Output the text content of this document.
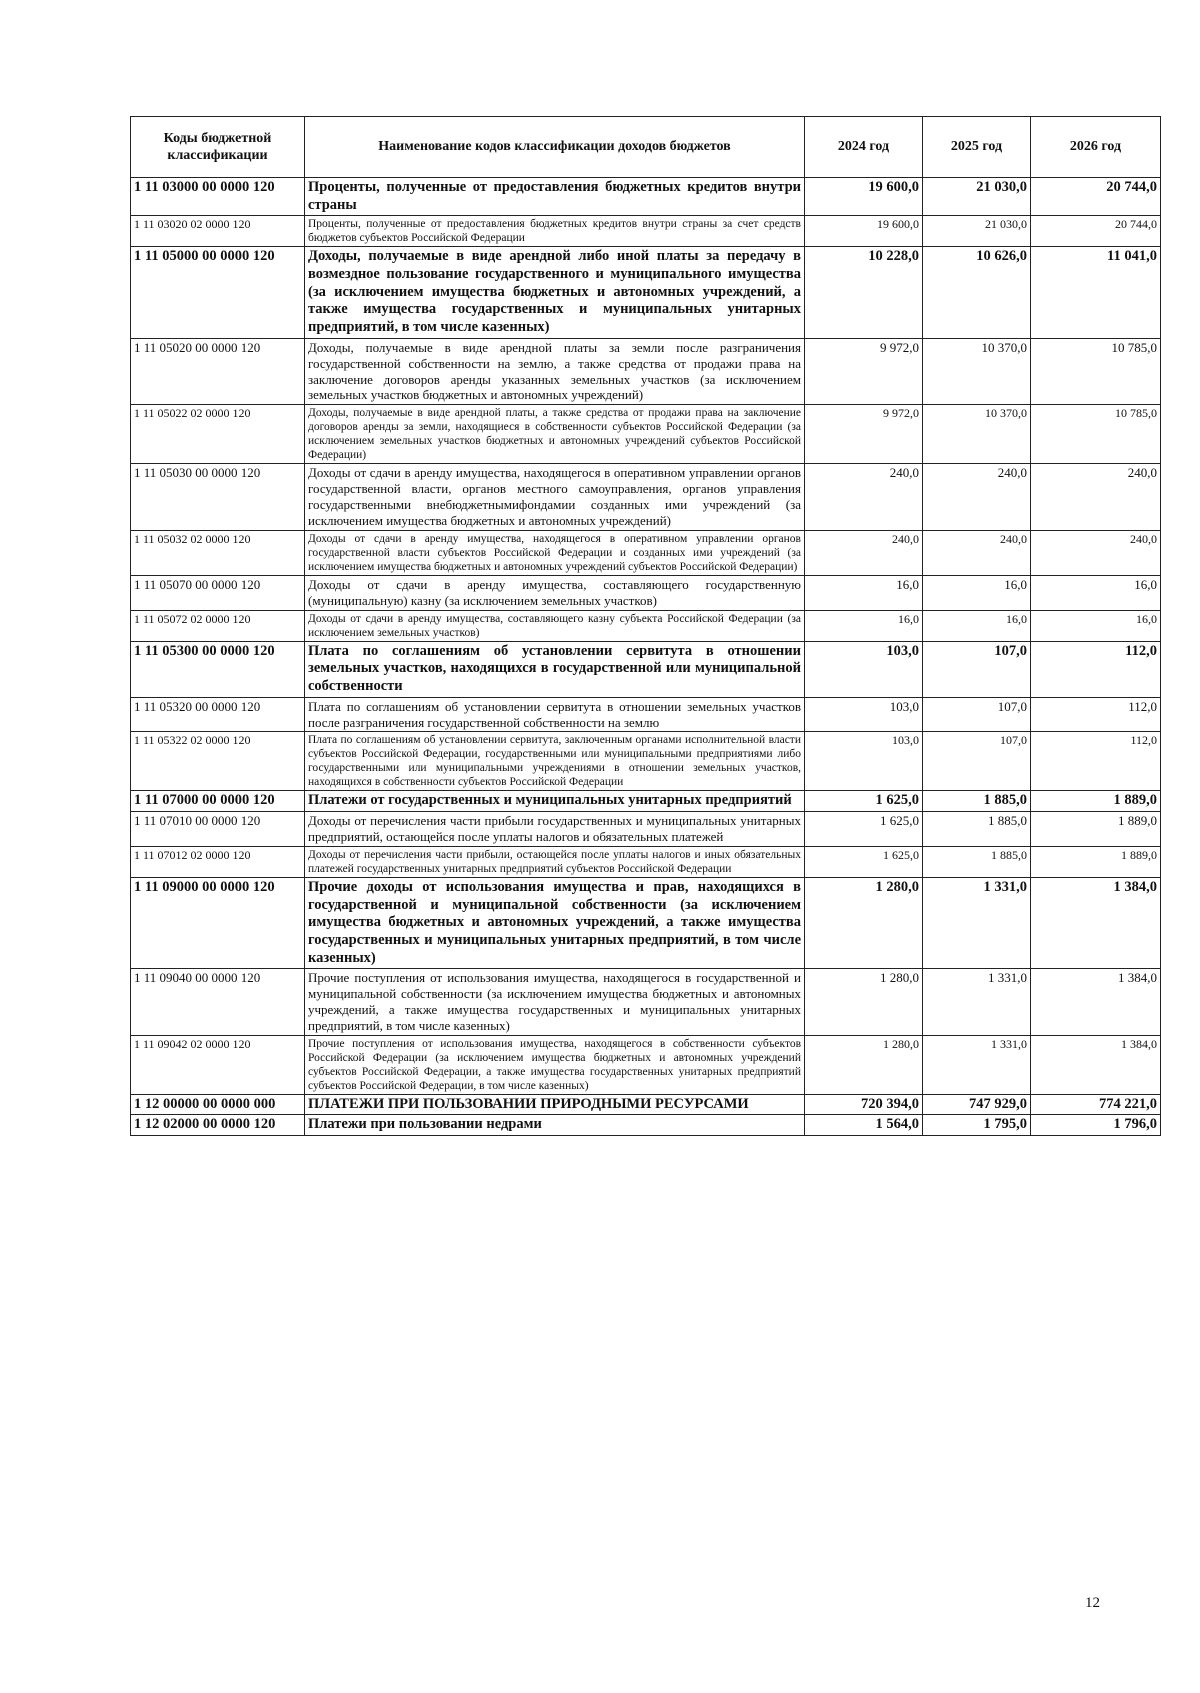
Коды бюджетной классификации	Наименование кодов классификации доходов бюджетов	2024 год	2025 год	2026 год
1 11 03000 00 0000 120	Проценты, полученные от предоставления бюджетных кредитов внутри страны	19 600,0	21 030,0	20 744,0
1 11 03020 02 0000 120	Проценты, полученные от предоставления бюджетных кредитов внутри страны за счет средств бюджетов субъектов Российской Федерации	19 600,0	21 030,0	20 744,0
1 11 05000 00 0000 120	Доходы, получаемые в виде арендной либо иной платы за передачу в возмездное пользование государственного и муниципального имущества (за исключением имущества бюджетных и автономных учреждений, а также имущества государственных и муниципальных унитарных предприятий, в том числе казенных)	10 228,0	10 626,0	11 041,0
1 11 05020 00 0000 120	Доходы, получаемые в виде арендной платы за земли после разграничения государственной собственности на землю, а также средства от продажи права на заключение договоров аренды указанных земельных участков (за исключением земельных участков бюджетных и автономных учреждений)	9 972,0	10 370,0	10 785,0
1 11 05022 02 0000 120	Доходы, получаемые в виде арендной платы, а также средства от продажи права на заключение договоров аренды за земли, находящиеся в собственности субъектов Российской Федерации (за исключением земельных участков бюджетных и автономных учреждений субъектов Российской Федерации)	9 972,0	10 370,0	10 785,0
1 11 05030 00 0000 120	Доходы от сдачи в аренду имущества, находящегося в оперативном управлении органов государственной власти, органов местного самоуправления, органов управления государственными внебюджетнымифондамии созданных ими учреждений (за исключением имущества бюджетных и автономных учреждений)	240,0	240,0	240,0
1 11 05032 02 0000 120	Доходы от сдачи в аренду имущества, находящегося в оперативном управлении органов государственной власти субъектов Российской Федерации и созданных ими учреждений (за исключением имущества бюджетных и автономных учреждений субъектов Российской Федерации)	240,0	240,0	240,0
1 11 05070 00 0000 120	Доходы от сдачи в аренду имущества, составляющего государственную (муниципальную) казну (за исключением земельных участков)	16,0	16,0	16,0
1 11 05072 02 0000 120	Доходы от сдачи в аренду имущества, составляющего казну субъекта Российской Федерации (за исключением земельных участков)	16,0	16,0	16,0
1 11 05300 00 0000 120	Плата по соглашениям об установлении сервитута в отношении земельных участков, находящихся в государственной или муниципальной собственности	103,0	107,0	112,0
1 11 05320 00 0000 120	Плата по соглашениям об установлении сервитута в отношении земельных участков после разграничения государственной собственности на землю	103,0	107,0	112,0
1 11 05322 02 0000 120	Плата по соглашениям об установлении сервитута, заключенным органами исполнительной власти субъектов Российской Федерации, государственными или муниципальными предприятиями либо государственными или муниципальными учреждениями в отношении земельных участков, находящихся в собственности субъектов Российской Федерации	103,0	107,0	112,0
1 11 07000 00 0000 120	Платежи от государственных и муниципальных унитарных предприятий	1 625,0	1 885,0	1 889,0
1 11 07010 00 0000 120	Доходы от перечисления части прибыли государственных и муниципальных унитарных предприятий, остающейся после уплаты налогов и обязательных платежей	1 625,0	1 885,0	1 889,0
1 11 07012 02 0000 120	Доходы от перечисления части прибыли, остающейся после уплаты налогов и иных обязательных платежей государственных унитарных предприятий субъектов Российской Федерации	1 625,0	1 885,0	1 889,0
1 11 09000 00 0000 120	Прочие доходы от использования имущества и прав, находящихся в государственной и муниципальной собственности (за исключением имущества бюджетных и автономных учреждений, а также имущества государственных и муниципальных унитарных предприятий, в том числе казенных)	1 280,0	1 331,0	1 384,0
1 11 09040 00 0000 120	Прочие поступления от использования имущества, находящегося в государственной и муниципальной собственности (за исключением имущества бюджетных и автономных учреждений, а также имущества государственных и муниципальных унитарных предприятий, в том числе казенных)	1 280,0	1 331,0	1 384,0
1 11 09042 02 0000 120	Прочие поступления от использования имущества, находящегося в собственности субъектов Российской Федерации (за исключением имущества бюджетных и автономных учреждений субъектов Российской Федерации, а также имущества государственных унитарных предприятий субъектов Российской Федерации, в том числе казенных)	1 280,0	1 331,0	1 384,0
1 12 00000 00 0000 000	ПЛАТЕЖИ ПРИ ПОЛЬЗОВАНИИ ПРИРОДНЫМИ РЕСУРСАМИ	720 394,0	747 929,0	774 221,0
1 12 02000 00 0000 120	Платежи при пользовании недрами	1 564,0	1 795,0	1 796,0
12
